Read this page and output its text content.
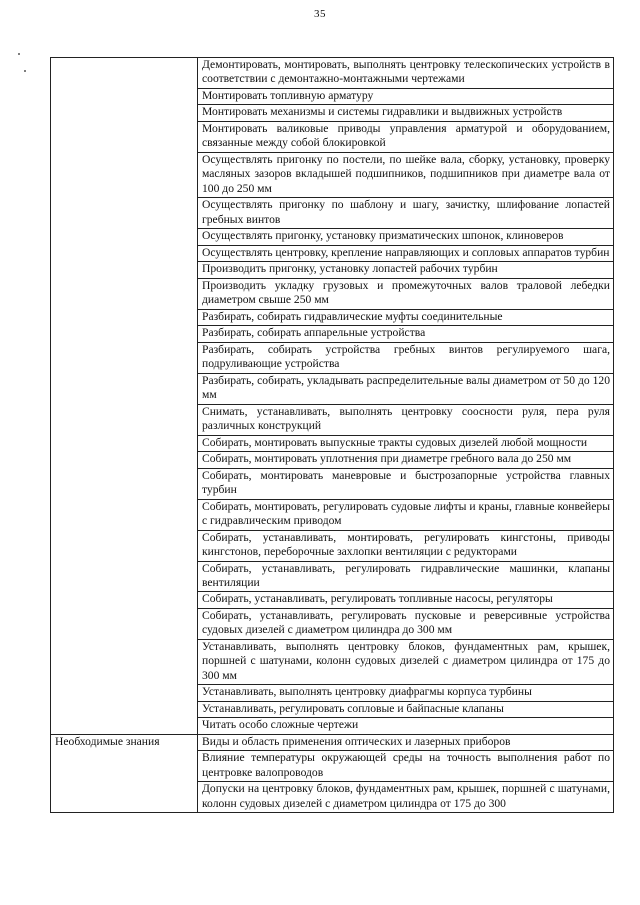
35
	Демонтировать, монтировать, выполнять центровку телескопических устройств в соответствии с демонтажно-монтажными чертежами
	Монтировать топливную арматуру
	Монтировать механизмы и системы гидравлики и выдвижных устройств
	Монтировать валиковые приводы управления арматурой и оборудованием, связанные между собой блокировкой
	Осуществлять пригонку по постели, по шейке вала, сборку, установку, проверку масляных зазоров вкладышей подшипников, подшипников при диаметре вала от 100 до 250 мм
	Осуществлять пригонку по шаблону и шагу, зачистку, шлифование лопастей гребных винтов
	Осуществлять пригонку, установку призматических шпонок, клиноверов
	Осуществлять центровку, крепление направляющих и сопловых аппаратов турбин
	Производить пригонку, установку лопастей рабочих турбин
	Производить укладку грузовых и промежуточных валов траловой лебедки диаметром свыше 250 мм
	Разбирать, собирать гидравлические муфты соединительные
	Разбирать, собирать аппарельные устройства
	Разбирать, собирать устройства гребных винтов регулируемого шага, подруливающие устройства
	Разбирать, собирать, укладывать распределительные валы диаметром от 50 до 120 мм
	Снимать, устанавливать, выполнять центровку соосности руля, пера руля различных конструкций
	Собирать, монтировать выпускные тракты судовых дизелей любой мощности
	Собирать, монтировать уплотнения при диаметре гребного вала до 250 мм
	Собирать, монтировать маневровые и быстрозапорные устройства главных турбин
	Собирать, монтировать, регулировать судовые лифты и краны, главные конвейеры с гидравлическим приводом
	Собирать, устанавливать, монтировать, регулировать кингстоны, приводы кингстонов, переборочные захлопки вентиляции с редукторами
	Собирать, устанавливать, регулировать гидравлические машинки, клапаны вентиляции
	Собирать, устанавливать, регулировать топливные насосы, регуляторы
	Собирать, устанавливать, регулировать пусковые и реверсивные устройства судовых дизелей с диаметром цилиндра до 300 мм
	Устанавливать, выполнять центровку блоков, фундаментных рам, крышек, поршней с шатунами, колонн судовых дизелей с диаметром цилиндра от 175 до 300 мм
	Устанавливать, выполнять центровку диафрагмы корпуса турбины
	Устанавливать, регулировать сопловые и байпасные клапаны
	Читать особо сложные чертежи
Необходимые знания	Виды и область применения оптических и лазерных приборов
	Влияние температуры окружающей среды на точность выполнения работ по центровке валопроводов
	Допуски на центровку блоков, фундаментных рам, крышек, поршней с шатунами, колонн судовых дизелей с диаметром цилиндра от 175 до 300
